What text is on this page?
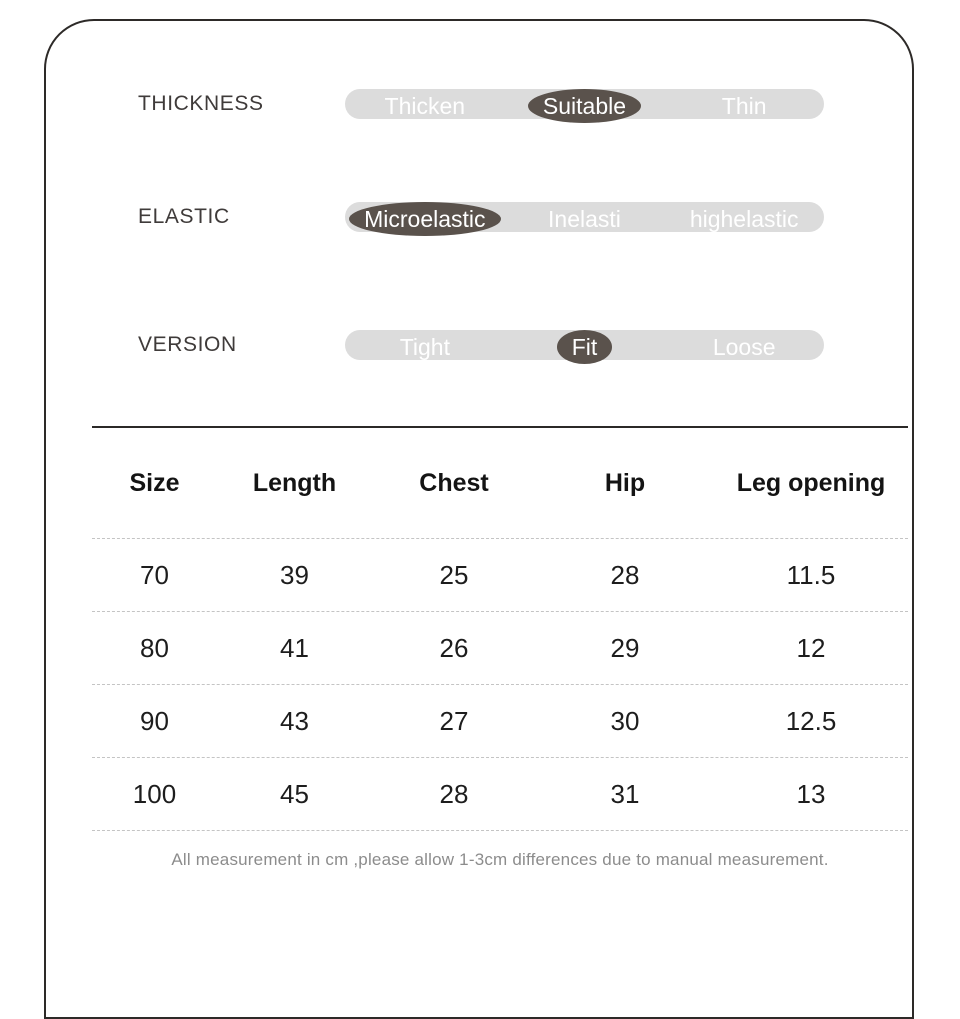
THICKNESS	Thicken	Suitable	Thin
ELASTIC	Microelastic	Inelasti	highelastic
VERSION	Tight	Fit	Loose
Size	Length	Chest	Hip	Leg opening
70	39	25	28	11.5
80	41	26	29	12
90	43	27	30	12.5
100	45	28	31	13
All measurement in cm ,please allow 1-3cm differences due to manual measurement.
